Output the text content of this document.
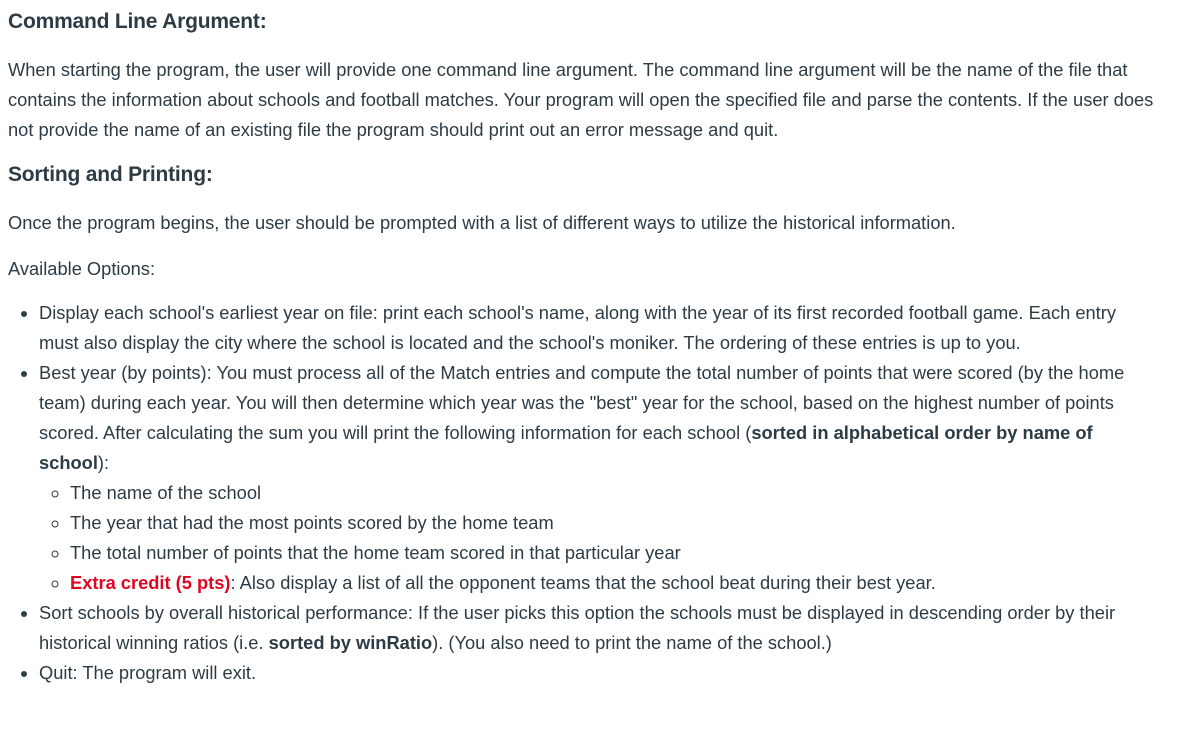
Command Line Argument:

When starting the program, the user will provide one command line argument. The command line argument will be the name of the file that contains the information about schools and football matches. Your program will open the specified file and parse the contents. If the user does not provide the name of an existing file the program should print out an error message and quit.

Sorting and Printing:

Once the program begins, the user should be prompted with a list of different ways to utilize the historical information.

Available Options:

• Display each school's earliest year on file: print each school's name, along with the year of its first recorded football game. Each entry must also display the city where the school is located and the school's moniker. The ordering of these entries is up to you.
• Best year (by points): You must process all of the Match entries and compute the total number of points that were scored (by the home team) during each year. You will then determine which year was the "best" year for the school, based on the highest number of points scored. After calculating the sum you will print the following information for each school (sorted in alphabetical order by name of school):
◦ The name of the school
◦ The year that had the most points scored by the home team
◦ The total number of points that the home team scored in that particular year
◦ Extra credit (5 pts): Also display a list of all the opponent teams that the school beat during their best year.
• Sort schools by overall historical performance: If the user picks this option the schools must be displayed in descending order by their historical winning ratios (i.e. sorted by winRatio). (You also need to print the name of the school.)
• Quit: The program will exit.
